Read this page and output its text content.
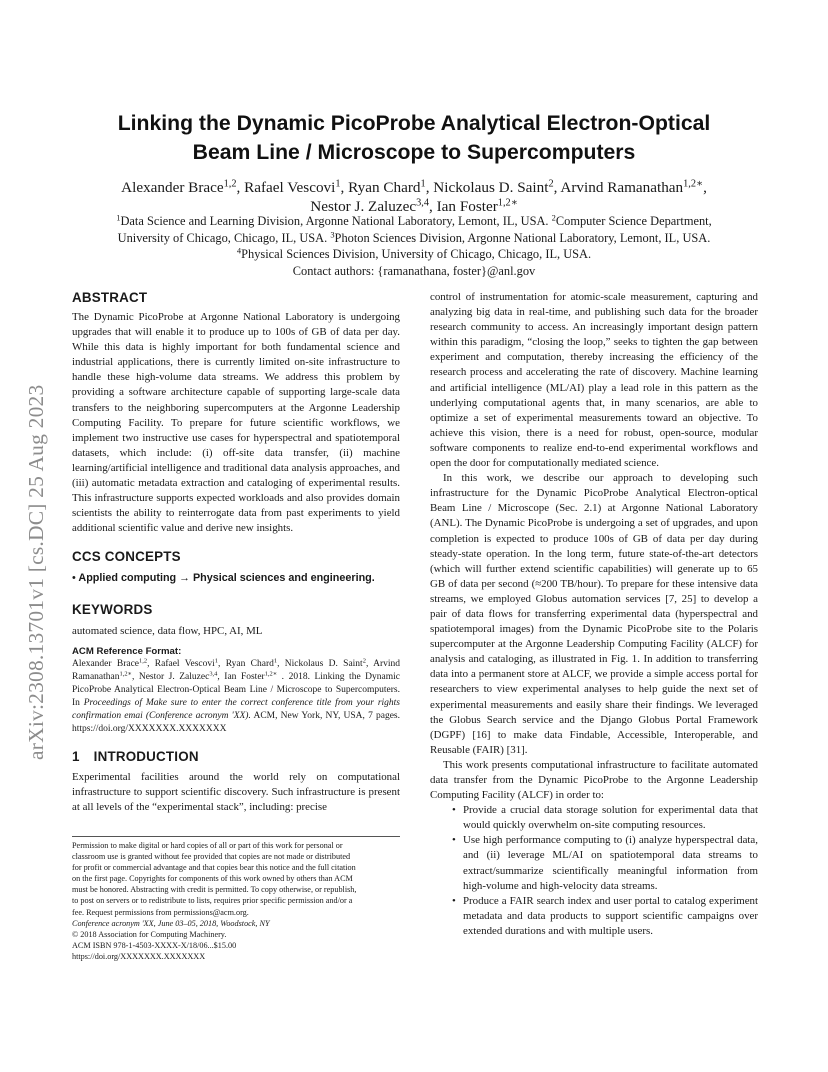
arXiv:2308.13701v1 [cs.DC] 25 Aug 2023
Linking the Dynamic PicoProbe Analytical Electron-Optical
Beam Line / Microscope to Supercomputers
Alexander Brace$^{1,2}$, Rafael Vescovi$^1$, Ryan Chard$^1$, Nickolaus D. Saint$^2$, Arvind Ramanathan$^{1,2∗}$,
Nestor J. Zaluzec$^{3,4}$, Ian Foster$^{1,2∗}$
$^1$Data Science and Learning Division, Argonne National Laboratory, Lemont, IL, USA. $^2$Computer Science Department,
University of Chicago, Chicago, IL, USA. $^3$Photon Sciences Division, Argonne National Laboratory, Lemont, IL, USA.
$^4$Physical Sciences Division, University of Chicago, Chicago, IL, USA.
Contact authors: {ramanathana, foster}@anl.gov
ABSTRACT

The Dynamic PicoProbe at Argonne National Laboratory is undergoing upgrades that will enable it to produce up to 100s of GB of data per day. While this data is highly important for both fundamental science and industrial applications, there is currently limited on-site infrastructure to handle these high-volume data streams. We address this problem by providing a software architecture capable of supporting large-scale data transfers to the neighboring supercomputers at the Argonne Leadership Computing Facility. To prepare for future scientific workflows, we implement two instructive use cases for hyperspectral and spatiotemporal datasets, which include: (i) off-site data transfer, (ii) machine learning/artificial intelligence and traditional data analysis approaches, and (iii) automatic metadata extraction and cataloging of experimental results. This infrastructure supports expected workloads and also provides domain scientists the ability to reinterrogate data from past experiments to yield additional scientific value and derive new insights.

CCS CONCEPTS
• Applied computing → Physical sciences and engineering.
KEYWORDS

automated science, data flow, HPC, AI, ML

ACM Reference Format:

Alexander Brace$^{1,2}$, Rafael Vescovi$^1$, Ryan Chard$^1$, Nickolaus D. Saint$^2$, Arvind Ramanathan$^{1,2∗}$, Nestor J. Zaluzec$^{3,4}$, Ian Foster$^{1,2∗}$ . 2018. Linking the Dynamic PicoProbe Analytical Electron-Optical Beam Line / Microscope to Supercomputers. In Proceedings of Make sure to enter the correct conference title from your rights confirmation emai (Conference acronym 'XX). ACM, New York, NY, USA, 7 pages. https://doi.org/XXXXXXX.XXXXXXX

1 INTRODUCTION

Experimental facilities around the world rely on computational infrastructure to support scientific discovery. Such infrastructure is present at all levels of the “experimental stack”, including: precise

Permission to make digital or hard copies of all or part of this work for personal or
classroom use is granted without fee provided that copies are not made or distributed
for profit or commercial advantage and that copies bear this notice and the full citation
on the first page. Copyrights for components of this work owned by others than ACM
must be honored. Abstracting with credit is permitted. To copy otherwise, or republish,
to post on servers or to redistribute to lists, requires prior specific permission and/or a
fee. Request permissions from permissions@acm.org.
Conference acronym 'XX, June 03–05, 2018, Woodstock, NY
© 2018 Association for Computing Machinery.
ACM ISBN 978-1-4503-XXXX-X/18/06...$15.00
https://doi.org/XXXXXXX.XXXXXXX

control of instrumentation for atomic-scale measurement, capturing and analyzing big data in real-time, and publishing such data for the broader research community to access. An increasingly important design pattern within this paradigm, “closing the loop,” seeks to tighten the gap between experiment and computation, thereby increasing the efficiency of the research process and accelerating the rate of discovery. Machine learning and artificial intelligence (ML/AI) play a lead role in this pattern as the underlying computational agents that, in many scenarios, are able to optimize a set of experimental measurements toward an objective. To achieve this vision, there is a need for robust, open-source, modular software components to realize end-to-end experimental workflows and open the door for computationally mediated science.

In this work, we describe our approach to developing such infrastructure for the Dynamic PicoProbe Analytical Electron-optical Beam Line / Microscope (Sec. 2.1) at Argonne National Laboratory (ANL). The Dynamic PicoProbe is undergoing a set of upgrades, and upon completion is expected to produce 100s of GB of data per day during steady-state operation. In the long term, future state-of-the-art detectors (which will further extend scientific capabilities) will generate up to 65 GB of data per second (≈200 TB/hour). To prepare for these intensive data streams, we employed Globus automation services [7, 25] to develop a pair of data flows for transferring experimental data (hyperspectral and spatiotemporal images) from the Dynamic PicoProbe site to the Polaris supercomputer at the Argonne Leadership Computing Facility (ALCF) for analysis and cataloging, as illustrated in Fig. 1. In addition to transferring data into a permanent store at ALCF, we provide a simple access portal for researchers to view experimental analyses to help guide the next set of experimental measurements and easily share their findings. We leveraged the Globus Search service and the Django Globus Portal Framework (DGPF) [16] to make data Findable, Accessible, Interoperable, and Reusable (FAIR) [31].

This work presents computational infrastructure to facilitate automated data transfer from the Dynamic PicoProbe to the Argonne Leadership Computing Facility (ALCF) in order to:

• Provide a crucial data storage solution for experimental data that would quickly overwhelm on-site computing resources.
• Use high performance computing to (i) analyze hyperspectral data, and (ii) leverage ML/AI on spatiotemporal data streams to extract/summarize scientifically meaningful information from high-volume and high-velocity data streams.
• Produce a FAIR search index and user portal to catalog experiment metadata and data products to support scientific campaigns over extended durations and with multiple users.
